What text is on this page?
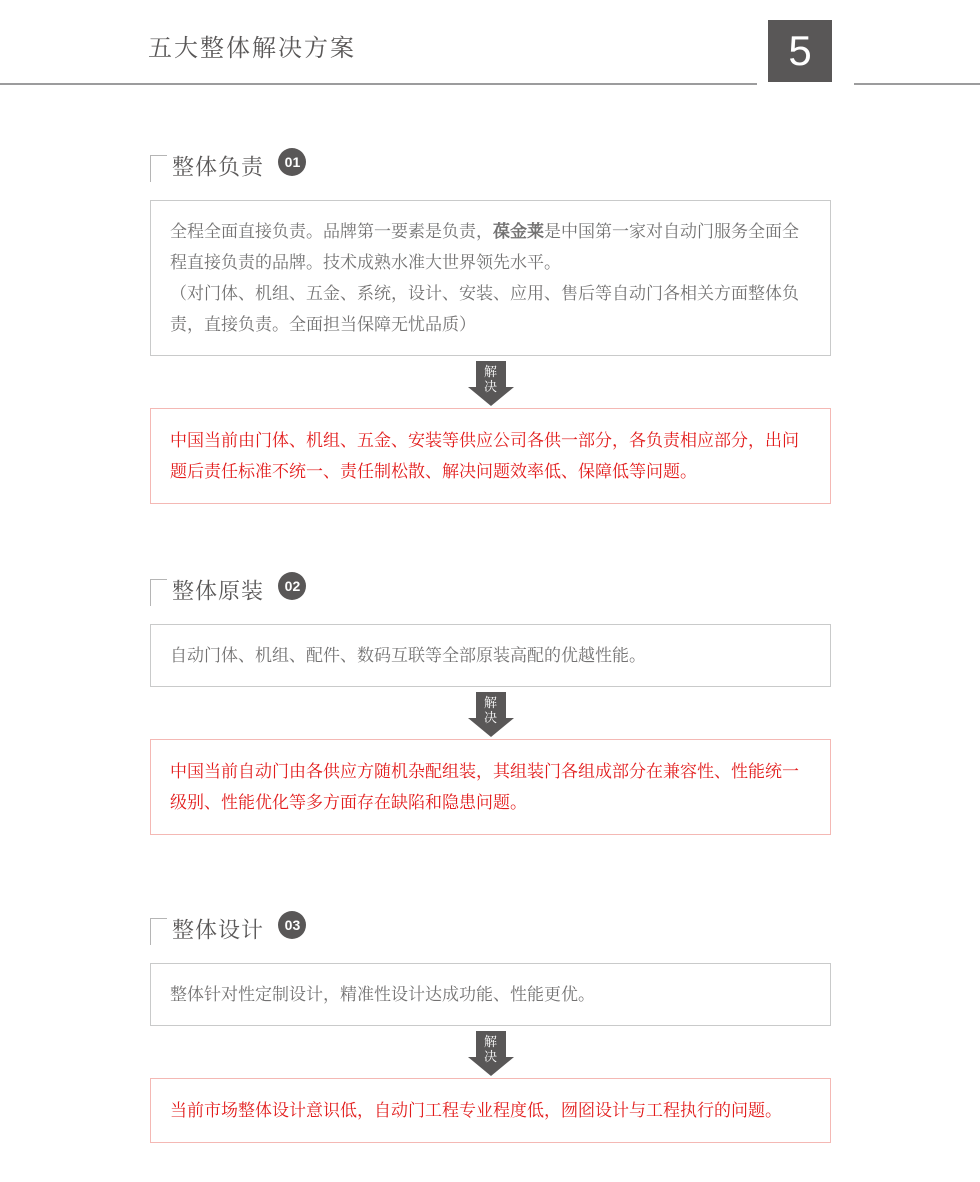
五大整体解决方案	5
整体负责 01

全程全面直接负责。品牌第一要素是负责，葆金莱是中国第一家对自动门服务全面全程直接负责的品牌。技术成熟水准大世界领先水平。

（对门体、机组、五金、系统，设计、安装、应用、售后等自动门各相关方面整体负责，直接负责。全面担当保障无忧品质）

解决

中国当前由门体、机组、五金、安装等供应公司各供一部分，各负责相应部分，出问题后责任标准不统一、责任制松散、解决问题效率低、保障低等问题。

整体原装 02

自动门体、机组、配件、数码互联等全部原装高配的优越性能。

解决

中国当前自动门由各供应方随机杂配组装，其组装门各组成部分在兼容性、性能统一级别、性能优化等多方面存在缺陷和隐患问题。

整体设计 03

整体针对性定制设计，精准性设计达成功能、性能更优。

解决

当前市场整体设计意识低，自动门工程专业程度低，囫囵设计与工程执行的问题。
